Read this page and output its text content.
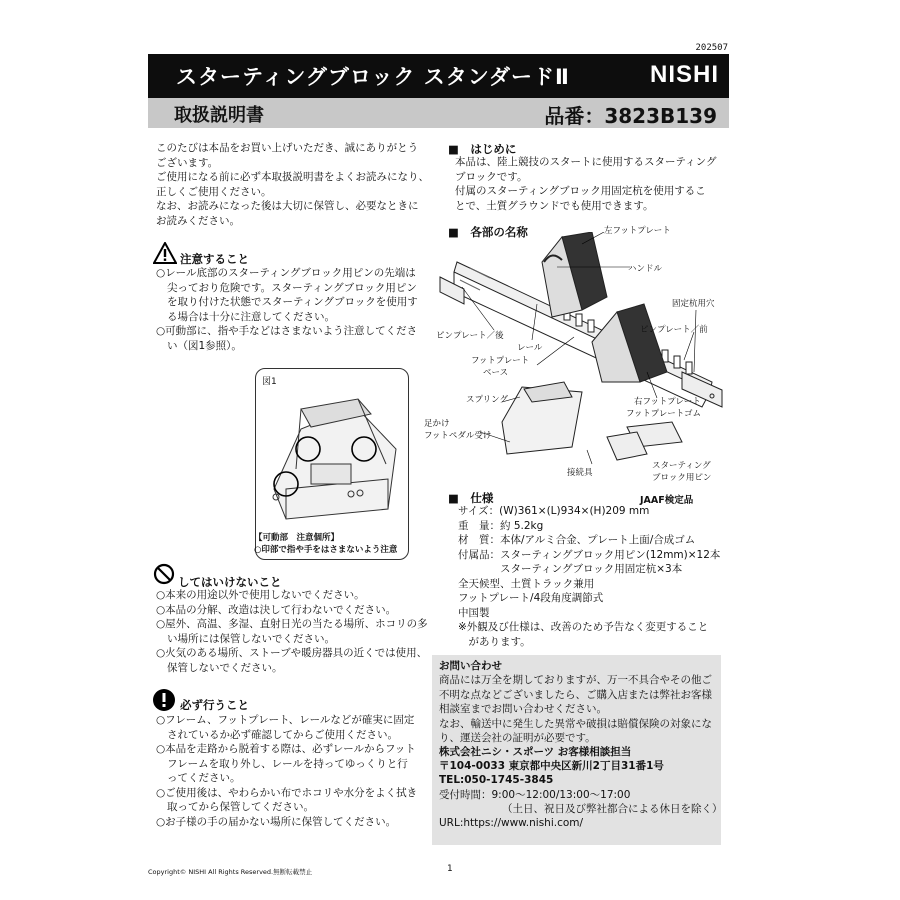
202507
スターティングブロック スタンダードⅡ	NISHI
取扱説明書	品番：3823B139

このたびは本品をお買い上げいただき、誠にありがとう

ございます。

ご使用になる前に必ず本取扱説明書をよくお読みになり、

正しくご使用ください。

なお、お読みになった後は大切に保管し、必要なときに

お読みください。

注意すること

○レール底部のスターティングブロック用ピンの先端は尖っており危険です。スターティングブロック用ピンを取り付けた状態でスターティングブロックを使用する場合は十分に注意してください。

○可動部に、指や手などはさまないよう注意してください（図1参照）。

図1
【可動部　注意個所】
○印部で指や手をはさまないよう注意
してはいけないこと

○本来の用途以外で使用しないでください。

○本品の分解、改造は決して行わないでください。

○屋外、高温、多湿、直射日光の当たる場所、ホコリの多い場所には保管しないでください。

○火気のある場所、ストーブや暖房器具の近くでは使用、保管しないでください。

必ず行うこと

○フレーム、フットプレート、レールなどが確実に固定されているか必ず確認してからご使用ください。

○本品を走路から脱着する際は、必ずレールからフットフレームを取り外し、レールを持ってゆっくりと行ってください。

○ご使用後は、やわらかい布でホコリや水分をよく拭き取ってから保管してください。

○お子様の手の届かない場所に保管してください。

■　はじめに

本品は、陸上競技のスタートに使用するスターティング

ブロックです。

付属のスターティングブロック用固定杭を使用するこ

とで、土質グラウンドでも使用できます。

■　各部の名称	左フットプレート
ハンドル
固定杭用穴
ピンプレート／前
ピンプレート／後
レール
フットプレート
ベース
右フットプレート
フットプレートゴム
スプリング
足かけ
フットペダル受け
接続具
スターティング
ブロック用ピン
■　仕様	JAAF検定品

サイズ：(W)361×(L)934×(H)209 mm

重　量：約 5.2kg

材　質：本体/アルミ合金、プレート上面/合成ゴム

付属品：スターティングブロック用ピン(12mm)×12本

　　　　スターティングブロック用固定杭×3本

全天候型、土質トラック兼用

フットプレート/4段角度調節式

中国製

※外観及び仕様は、改善のため予告なく変更すること

　があります。

お問い合わせ

商品には万全を期しておりますが、万一不具合やその他ご

不明な点などございましたら、ご購入店または弊社お客様

相談室までお問い合わせください。

なお、輸送中に発生した異常や破損は賠償保険の対象にな

り、運送会社の証明が必要です。

株式会社ニシ・スポーツ お客様相談担当
〒104-0033 東京都中央区新川2丁目31番1号
TEL:050-1745-3845
受付時間：9:00～12:00/13:00～17:00
（土日、祝日及び弊社都合による休日を除く）
URL:https://www.nishi.com/
Copyright© NISHI All Rights Reserved.無断転載禁止	1
